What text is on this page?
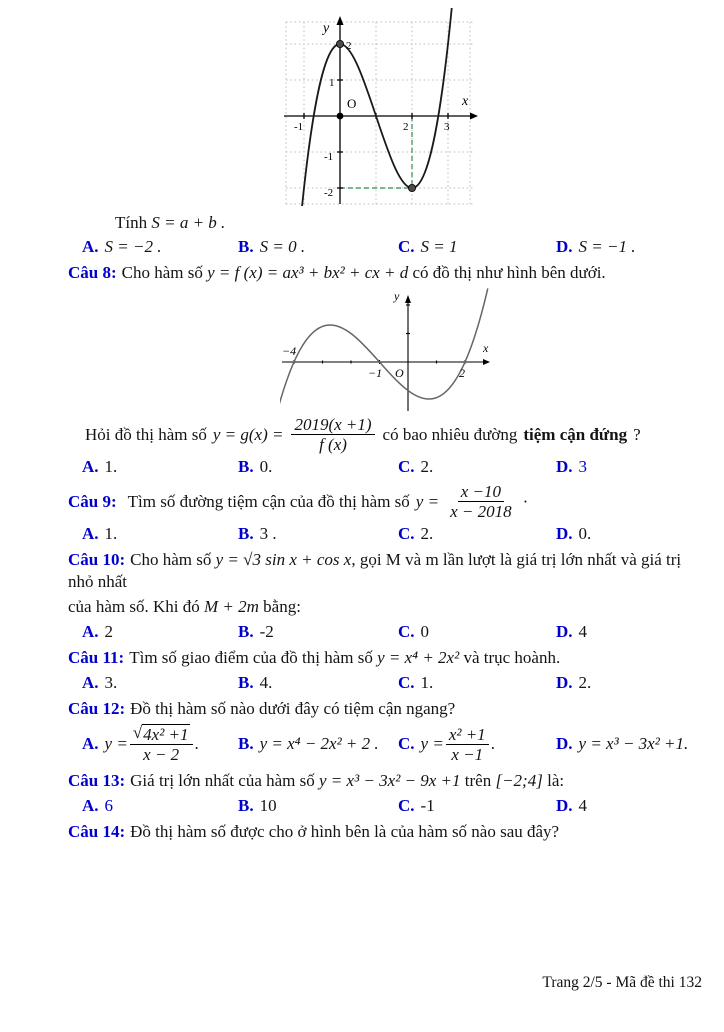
y
x
O
2
1
-1
-2
-1	2	3
Tính S = a + b .
A. S = −2 .	B. S = 0 .	C. S = 1	D. S = −1 .
Câu 8: Cho hàm số y = f (x) = ax³ + bx² + cx + d có đồ thị như hình bên dưới.
y
x
O
−4
−1	2
Hỏi đồ thị hàm số $y = g(x) = \frac{2019(x +1)}{f (x)}$ có bao nhiêu đường tiệm cận đứng ?
A. 1.	B. 0.	C. 2.	D. 3
Câu 9: Tìm số đường tiệm cận của đồ thị hàm số $y = \frac{x -10}{x - 2018}$ ·
A. 1.	B. 3 .	C. 2.	D. 0.
Câu 10: Cho hàm số y = √3 sin x + cos x, gọi M và m lần lượt là giá trị lớn nhất và giá trị nhỏ nhất
của hàm số. Khi đó M + 2m bằng:
A. 2	B. -2	C. 0	D. 4
Câu 11: Tìm số giao điểm của đồ thị hàm số y = x⁴ + 2x² và trục hoành.
A. 3.	B. 4.	C. 1.	D. 2.
Câu 12: Đồ thị hàm số nào dưới đây có tiệm cận ngang?
A. $y = \frac{\text{√ 4x² +1}}{x - 2}$ . B. y = x⁴ − 2x² + 2 . C. $y = \frac{\text{x² +1}}{x -1}$ .	D. y = x³ − 3x² +1.
Câu 13: Giá trị lớn nhất của hàm số y = x³ − 3x² − 9x +1 trên [−2;4] là:
A. 6	B. 10	C. -1	D. 4
Câu 14: Đồ thị hàm số được cho ở hình bên là của hàm số nào sau đây?
Trang 2/5 - Mã đề thi 132
